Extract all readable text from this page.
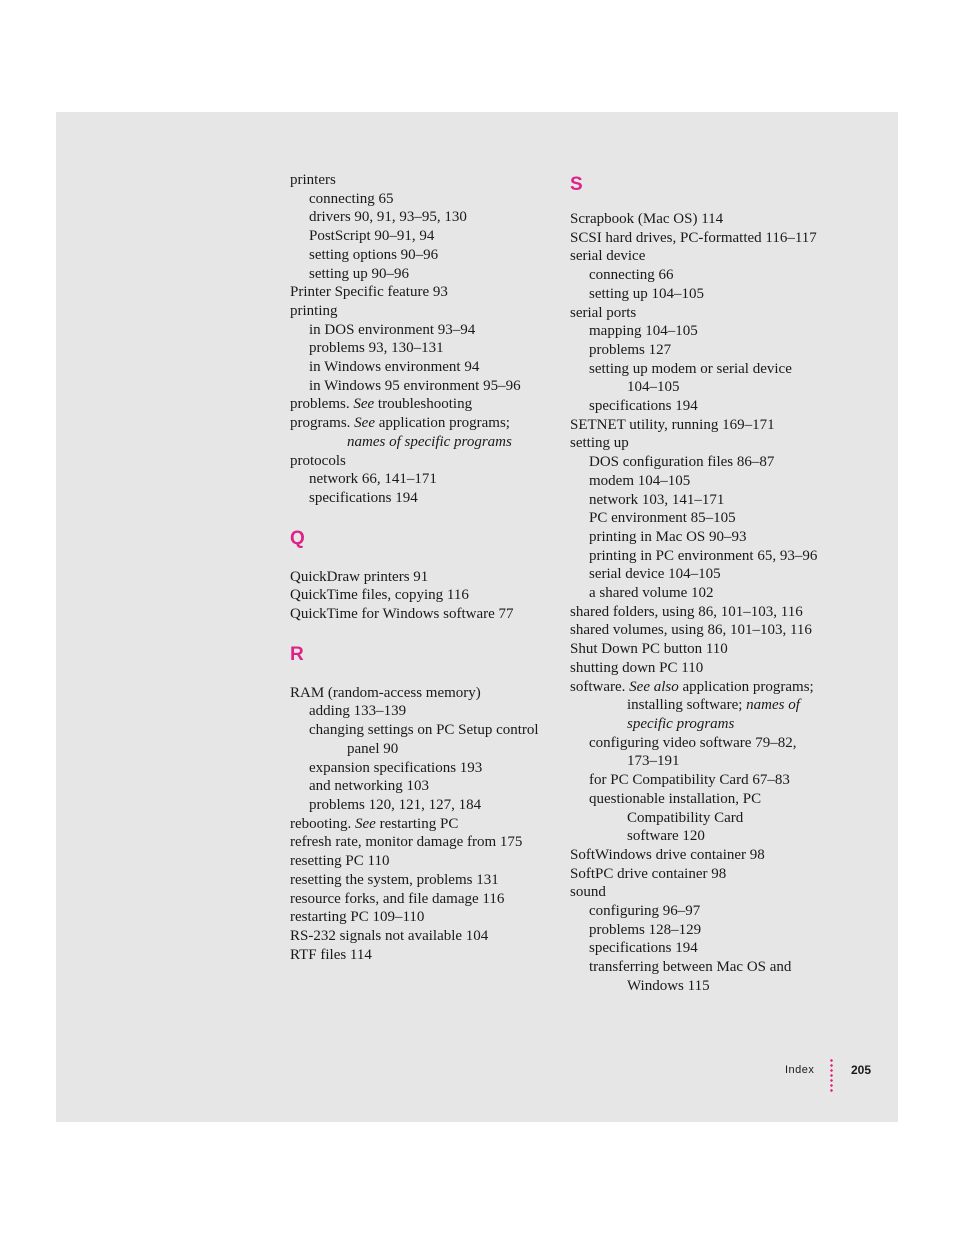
printers
connecting 65
drivers 90, 91, 93–95, 130
PostScript 90–91, 94
setting options 90–96
setting up 90–96
Printer Specific feature 93
printing
in DOS environment 93–94
problems 93, 130–131
in Windows environment 94
in Windows 95 environment 95–96
problems. See troubleshooting
programs. See application programs;
names of specific programs
protocols
network 66, 141–171
specifications 194
Q
QuickDraw printers 91
QuickTime files, copying 116
QuickTime for Windows software 77
R
RAM (random-access memory)
adding 133–139
changing settings on PC Setup control
panel 90
expansion specifications 193
and networking 103
problems 120, 121, 127, 184
rebooting. See restarting PC
refresh rate, monitor damage from 175
resetting PC 110
resetting the system, problems 131
resource forks, and file damage 116
restarting PC 109–110
RS-232 signals not available 104
RTF files 114
S
Scrapbook (Mac OS) 114
SCSI hard drives, PC-formatted 116–117
serial device
connecting 66
setting up 104–105
serial ports
mapping 104–105
problems 127
setting up modem or serial device
104–105
specifications 194
SETNET utility, running 169–171
setting up
DOS configuration files 86–87
modem 104–105
network 103, 141–171
PC environment 85–105
printing in Mac OS 90–93
printing in PC environment 65, 93–96
serial device 104–105
a shared volume 102
shared folders, using 86, 101–103, 116
shared volumes, using 86, 101–103, 116
Shut Down PC button 110
shutting down PC 110
software. See also application programs;
installing software; names of
specific programs
configuring video software 79–82,
173–191
for PC Compatibility Card 67–83
questionable installation, PC
Compatibility Card
software 120
SoftWindows drive container 98
SoftPC drive container 98
sound
configuring 96–97
problems 128–129
specifications 194
transferring between Mac OS and
Windows 115
Index	205
